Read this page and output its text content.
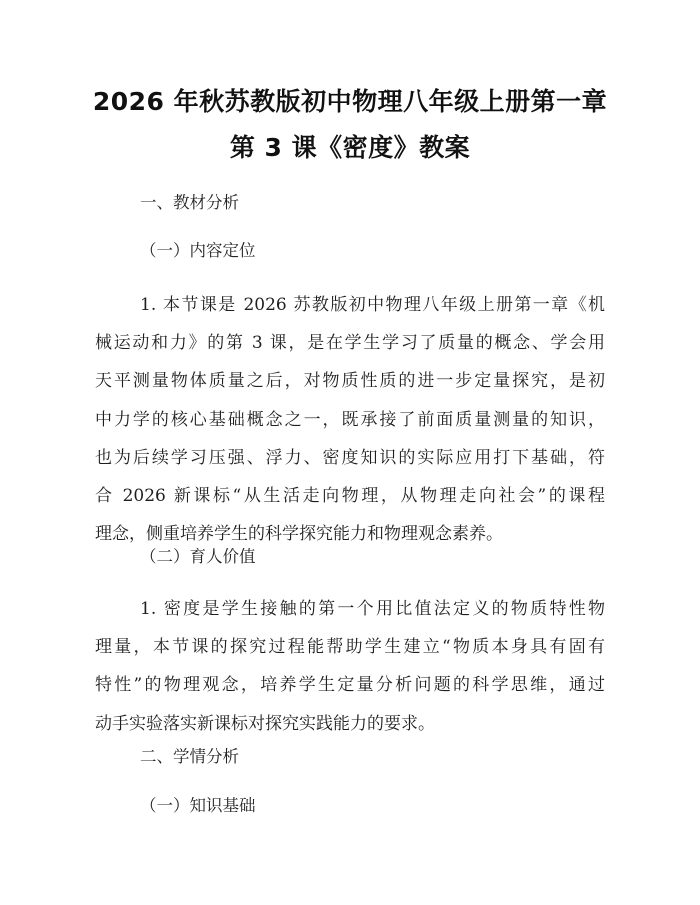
2026 年秋苏教版初中物理八年级上册第一章
第 3 课《密度》教案
一、教材分析
（一）内容定位
1. 本节课是 2026 苏教版初中物理八年级上册第一章《机
械运动和力》的第 3 课，是在学生学习了质量的概念、学会用
天平测量物体质量之后，对物质性质的进一步定量探究，是初
中力学的核心基础概念之一，既承接了前面质量测量的知识，
也为后续学习压强、浮力、密度知识的实际应用打下基础，符
合 2026 新课标“从生活走向物理，从物理走向社会”的课程
理念，侧重培养学生的科学探究能力和物理观念素养。
（二）育人价值
1. 密度是学生接触的第一个用比值法定义的物质特性物
理量，本节课的探究过程能帮助学生建立“物质本身具有固有
特性”的物理观念，培养学生定量分析问题的科学思维，通过
动手实验落实新课标对探究实践能力的要求。
二、学情分析
（一）知识基础
